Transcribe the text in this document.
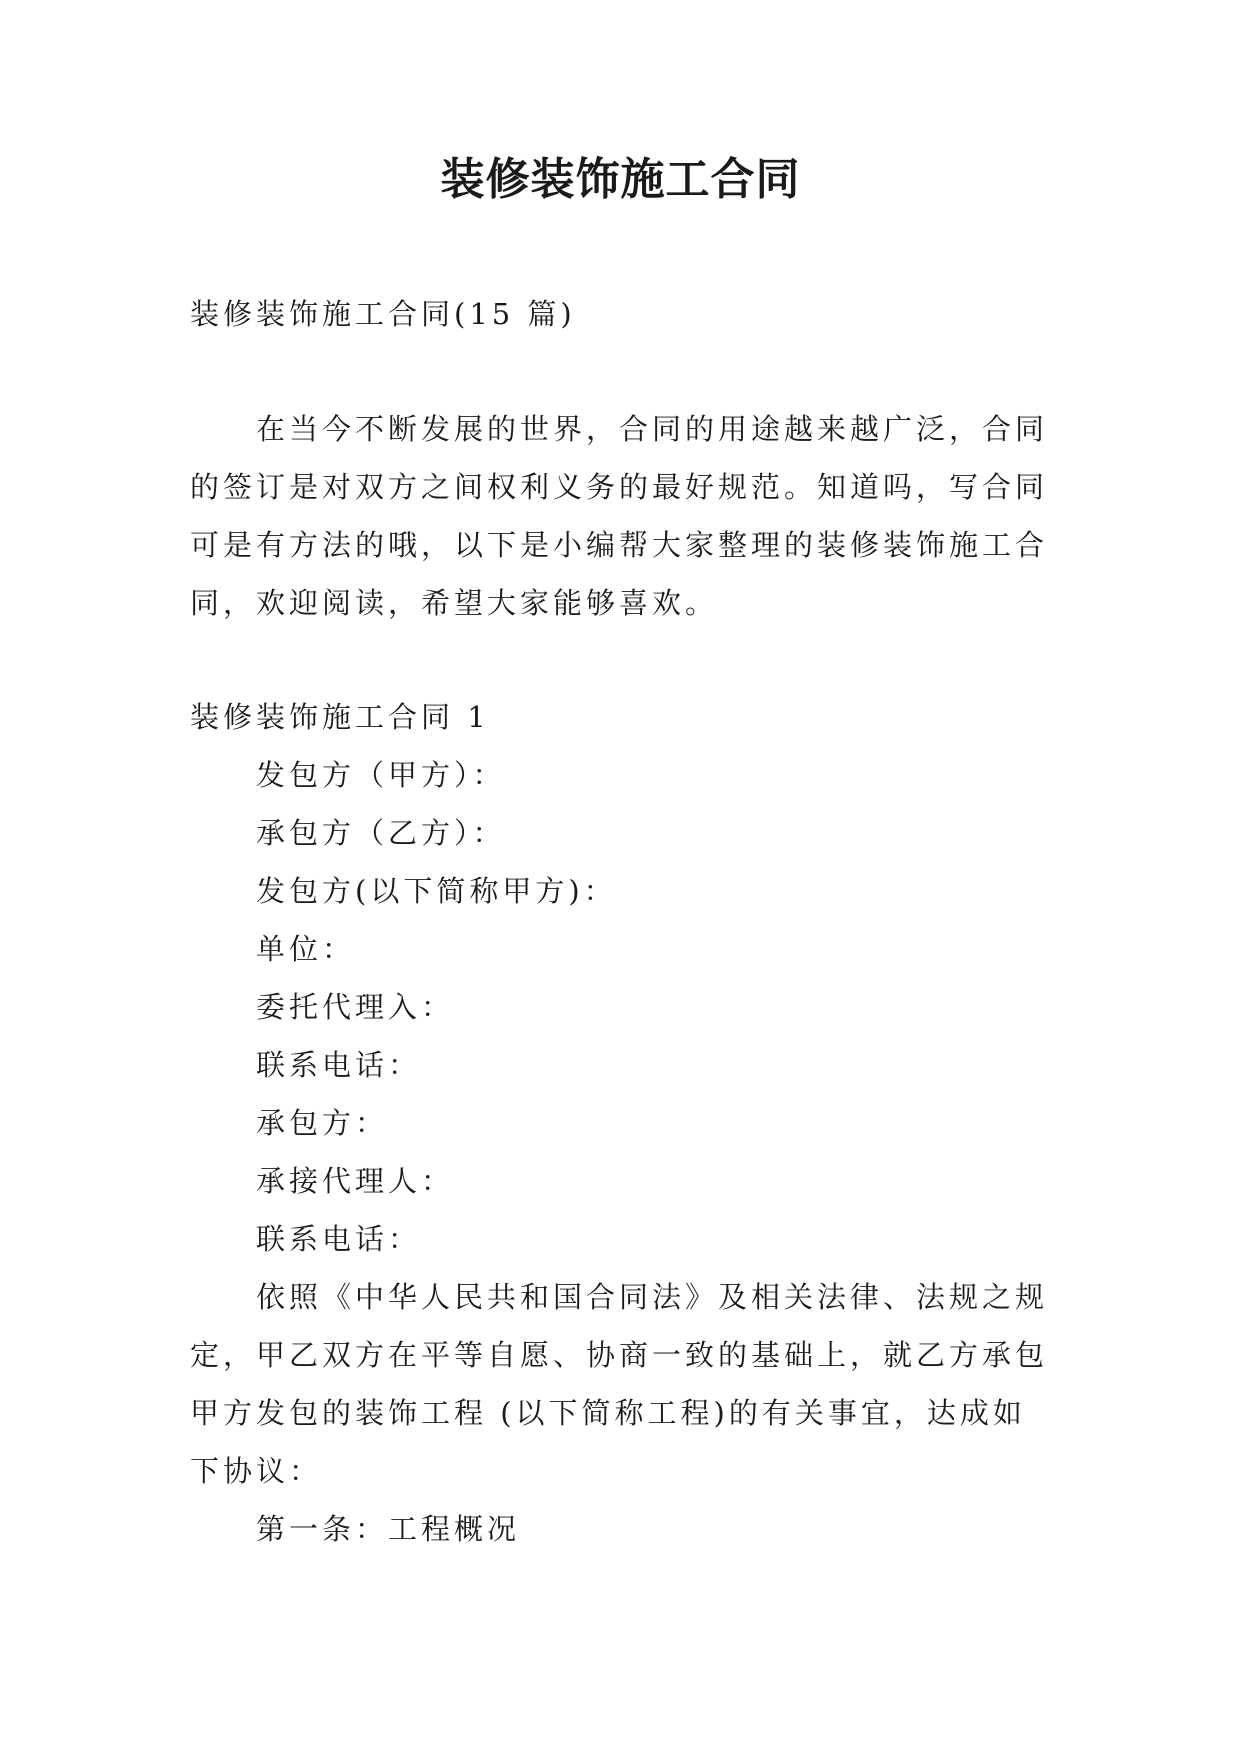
装修装饰施工合同

装修装饰施工合同(15 篇)

在当今不断发展的世界，合同的用途越来越广泛，合同的签订是对双方之间权利义务的最好规范。知道吗，写合同可是有方法的哦，以下是小编帮大家整理的装修装饰施工合同，欢迎阅读，希望大家能够喜欢。

装修装饰施工合同 1

发包方（甲方）：

承包方（乙方）：

发包方(以下简称甲方)：

单位：

委托代理入：

联系电话：

承包方：

承接代理人：

联系电话：

依照《中华人民共和国合同法》及相关法律、法规之规定，甲乙双方在平等自愿、协商一致的基础上，就乙方承包甲方发包的装饰工程 (以下简称工程)的有关事宜，达成如下协议：

第一条：工程概况
